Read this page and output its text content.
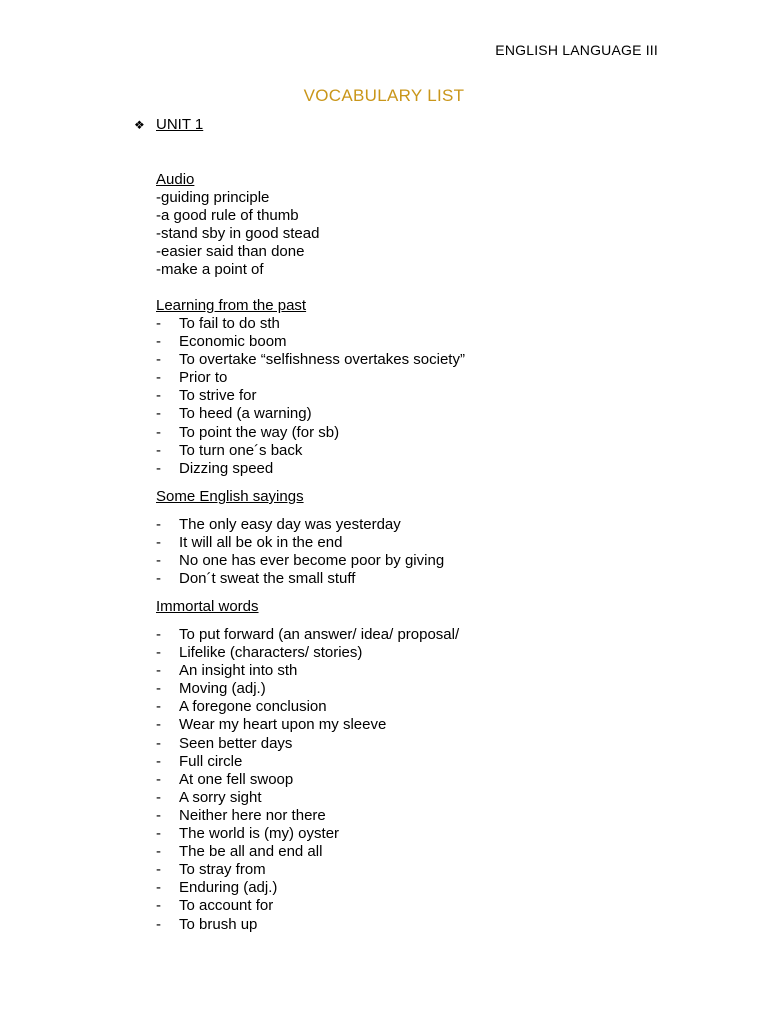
ENGLISH LANGUAGE III
VOCABULARY LIST
❖ UNIT 1
Audio
-guiding principle
-a good rule of thumb
-stand sby in good stead
-easier said than done
-make a point of
Learning from the past
-	To fail to do sth
-	Economic boom
-	To overtake “selfishness overtakes society”
-	Prior to
-	To strive for
-	To heed (a warning)
-	To point the way (for sb)
-	To turn one´s back
-	Dizzing speed
Some English sayings
-	The only easy day was yesterday
-	It will all be ok in the end
-	No one has ever become poor by giving
-	Don´t sweat the small stuff
Immortal words
-	To put forward (an answer/ idea/ proposal/
-	Lifelike (characters/ stories)
-	An insight into sth
-	Moving (adj.)
-	A foregone conclusion
-	Wear my heart upon my sleeve
-	Seen better days
-	Full circle
-	At one fell swoop
-	A sorry sight
-	Neither here nor there
-	The world is (my) oyster
-	The be all and end all
-	To stray from
-	Enduring (adj.)
-	To account for
-	To brush up
